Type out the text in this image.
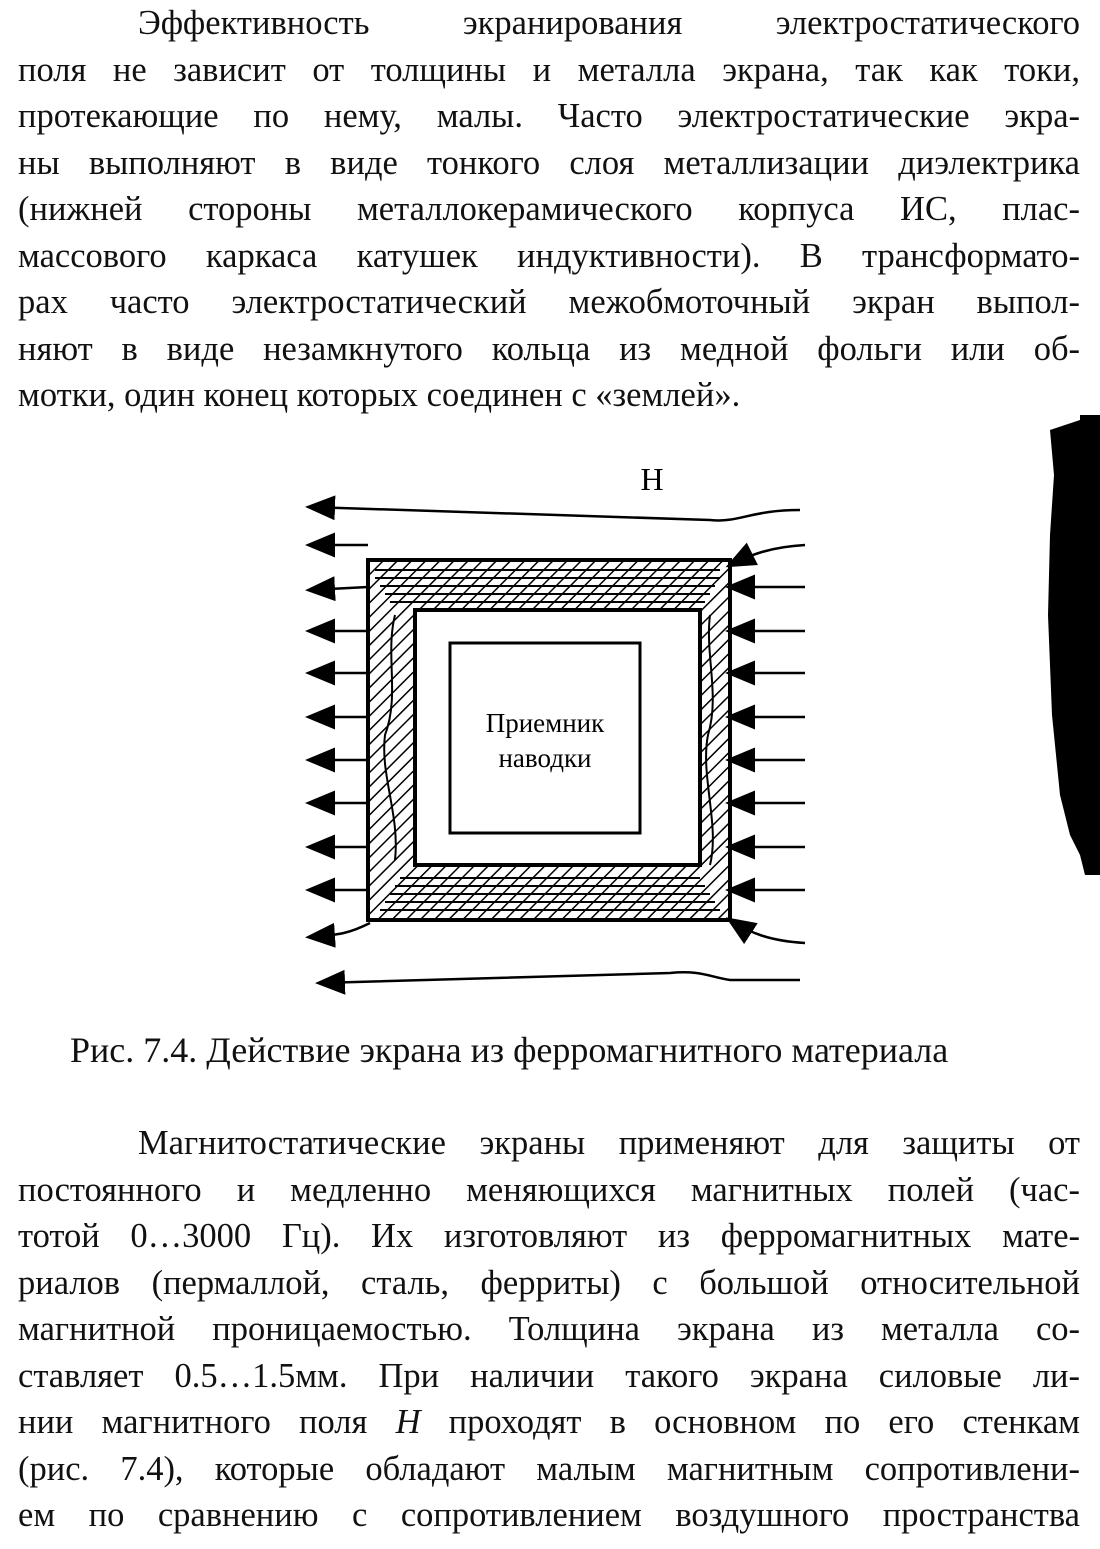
Эффективность экранирования электростатического
поля не зависит от толщины и металла экрана, так как токи,
протекающие по нему, малы. Часто электростатические экра-
ны выполняют в виде тонкого слоя металлизации диэлектрика
(нижней стороны металлокерамического корпуса ИС, плас-
массового каркаса катушек индуктивности). В трансформато-
рах часто электростатический межобмоточный экран выпол-
няют в виде незамкнутого кольца из медной фольги или об-
мотки, один конец которых соединен с «землей».
H
Приемник
наводки
Рис. 7.4. Действие экрана из ферромагнитного материала
Магнитостатические экраны применяют для защиты от
постоянного и медленно меняющихся магнитных полей (час-
тотой 0…3000 Гц). Их изготовляют из ферромагнитных мате-
риалов (пермаллой, сталь, ферриты) с большой относительной
магнитной проницаемостью. Толщина экрана из металла со-
ставляет 0.5…1.5мм. При наличии такого экрана силовые ли-
нии магнитного поля H проходят в основном по его стенкам
(рис. 7.4), которые обладают малым магнитным сопротивлени-
ем по сравнению с сопротивлением воздушного пространства
